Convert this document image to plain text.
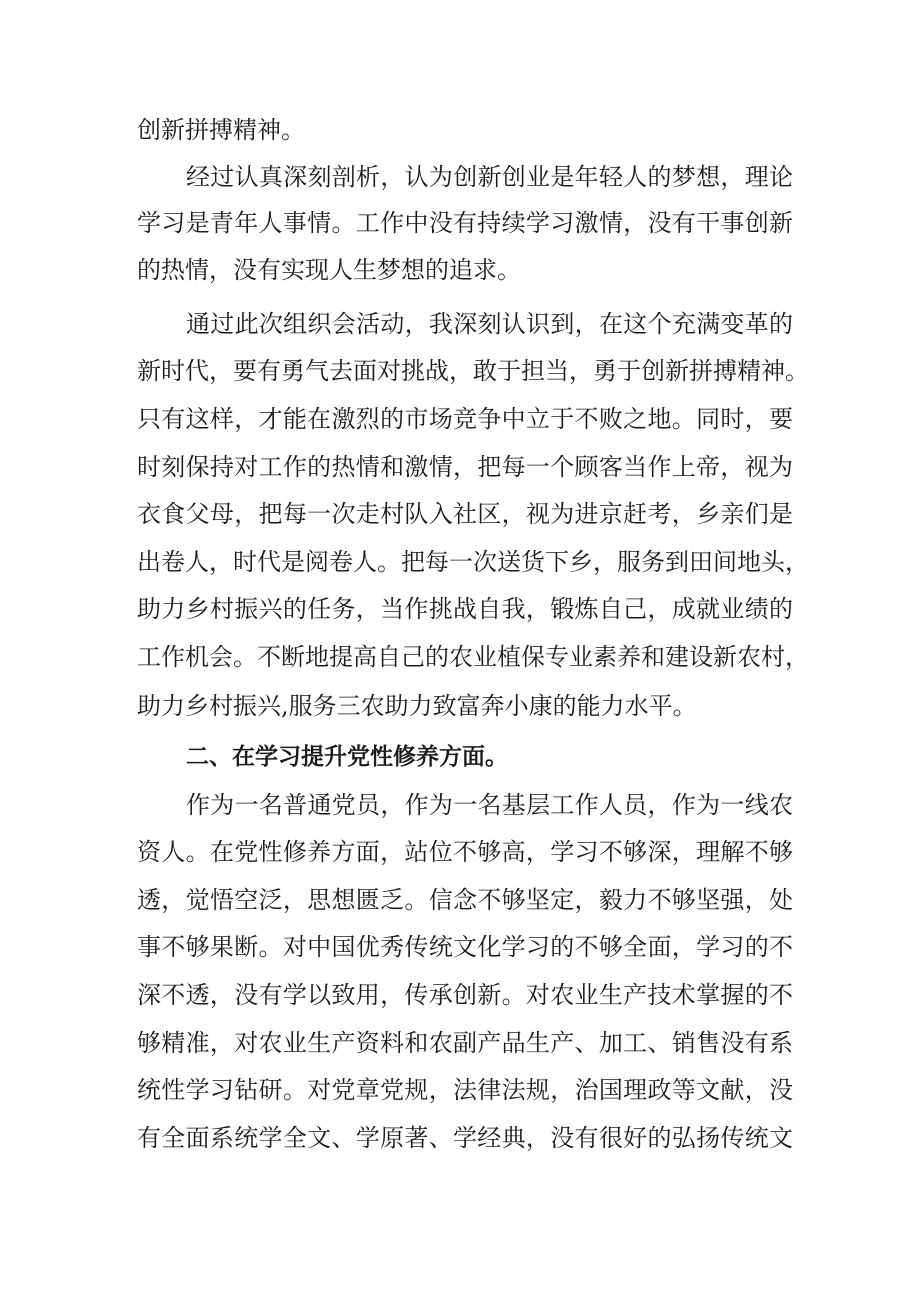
创新拼搏精神。
经过认真深刻剖析，认为创新创业是年轻人的梦想，理论
学习是青年人事情。工作中没有持续学习激情，没有干事创新
的热情，没有实现人生梦想的追求。
通过此次组织会活动，我深刻认识到，在这个充满变革的
新时代，要有勇气去面对挑战，敢于担当，勇于创新拼搏精神。
只有这样，才能在激烈的市场竞争中立于不败之地。同时，要
时刻保持对工作的热情和激情，把每一个顾客当作上帝，视为
衣食父母，把每一次走村队入社区，视为进京赶考，乡亲们是
出卷人，时代是阅卷人。把每一次送货下乡，服务到田间地头，
助力乡村振兴的任务，当作挑战自我，锻炼自己，成就业绩的
工作机会。不断地提高自己的农业植保专业素养和建设新农村，
助力乡村振兴,服务三农助力致富奔小康的能力水平。
二、在学习提升党性修养方面。
作为一名普通党员，作为一名基层工作人员，作为一线农
资人。在党性修养方面，站位不够高，学习不够深，理解不够
透，觉悟空泛，思想匮乏。信念不够坚定，毅力不够坚强，处
事不够果断。对中国优秀传统文化学习的不够全面，学习的不
深不透，没有学以致用，传承创新。对农业生产技术掌握的不
够精准，对农业生产资料和农副产品生产、加工、销售没有系
统性学习钻研。对党章党规，法律法规，治国理政等文献，没
有全面系统学全文、学原著、学经典，没有很好的弘扬传统文
